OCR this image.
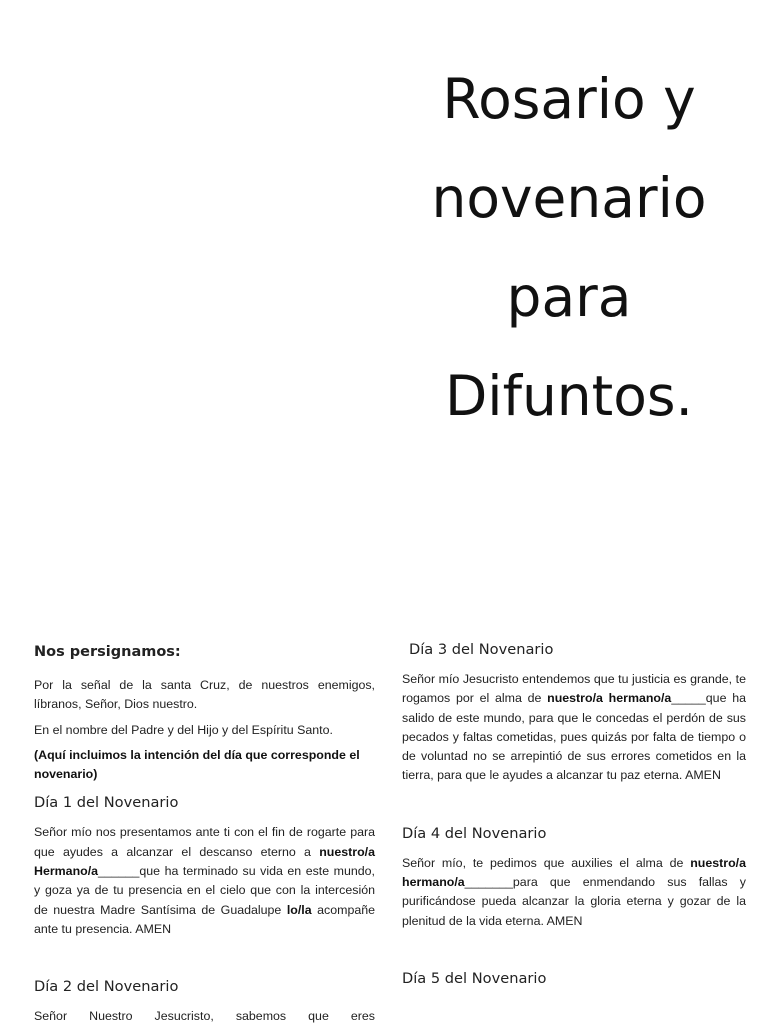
Rosario y
novenario
para
Difuntos.
Nos persignamos:

Por la señal de la santa Cruz, de nuestros enemigos, líbranos, Señor, Dios nuestro.

En el nombre del Padre y del Hijo y del Espíritu Santo.

(Aquí incluimos la intención del día que corresponde el novenario)

Día 1 del Novenario

Señor mío nos presentamos ante ti con el fin de rogarte para que ayudes a alcanzar el descanso eterno a nuestro/a Hermano/a______que ha terminado su vida en este mundo, y goza ya de tu presencia en el cielo que con la intercesión de nuestra Madre Santísima de Guadalupe lo/la acompañe ante tu presencia. AMEN

Día 2 del Novenario

Señor Nuestro Jesucristo, sabemos que eres

Día 3 del Novenario

Señor mío Jesucristo entendemos que tu justicia es grande, te rogamos por el alma de nuestro/a hermano/a_____que ha salido de este mundo, para que le concedas el perdón de sus pecados y faltas cometidas, pues quizás por falta de tiempo o de voluntad no se arrepintió de sus errores cometidos en la tierra, para que le ayudes a alcanzar tu paz eterna. AMEN

Día 4 del Novenario

Señor mío, te pedimos que auxilies el alma de nuestro/a hermano/a_______para que enmendando sus fallas y purificándose pueda alcanzar la gloria eterna y gozar de la plenitud de la vida eterna. AMEN

Día 5 del Novenario
